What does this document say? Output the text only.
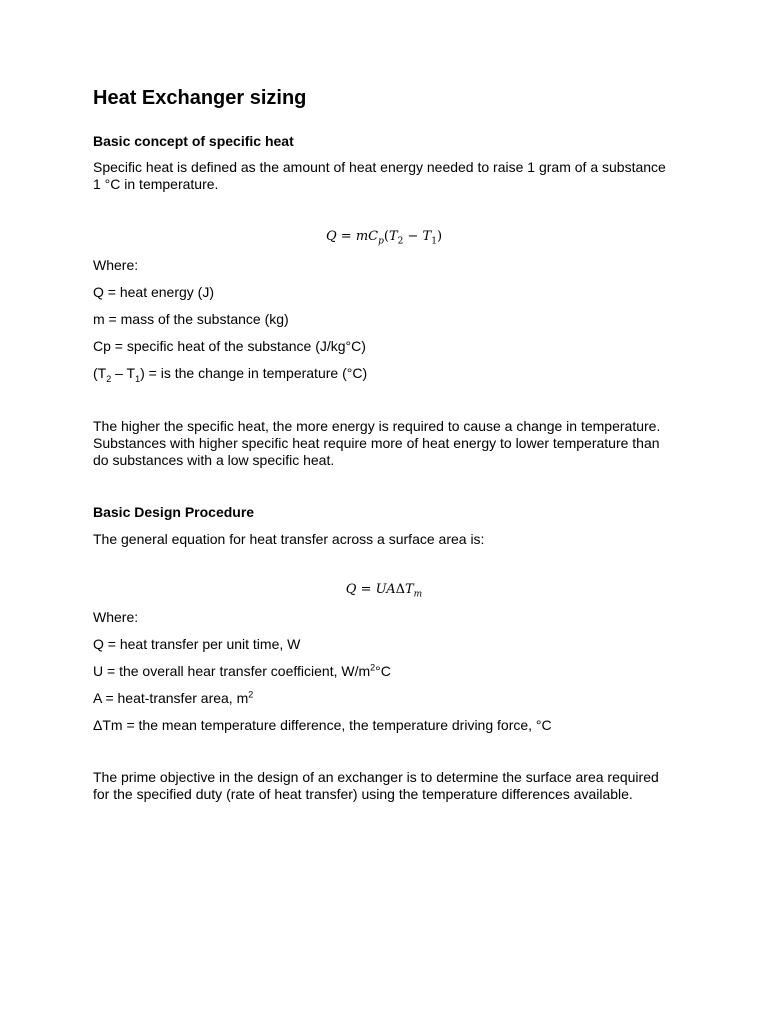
Heat Exchanger sizing
Basic concept of specific heat
Specific heat is defined as the amount of heat energy needed to raise 1 gram of a substance
1 °C in temperature.
$Q = mC_p(T_2 - T_1)$
Where:
Q = heat energy (J)
m = mass of the substance (kg)
Cp = specific heat of the substance (J/kg°C)
$(T_2 - T_1)$ = is the change in temperature (°C)
The higher the specific heat, the more energy is required to cause a change in temperature.
Substances with higher specific heat require more of heat energy to lower temperature than
do substances with a low specific heat.
Basic Design Procedure
The general equation for heat transfer across a surface area is:
$Q = UA\Delta T_m$
Where:
Q = heat transfer per unit time, W
U = the overall hear transfer coefficient, $W/m^2^\circ C$
A = heat-transfer area, $m^2$
ΔTm = the mean temperature difference, the temperature driving force, °C
The prime objective in the design of an exchanger is to determine the surface area required
for the specified duty (rate of heat transfer) using the temperature differences available.
